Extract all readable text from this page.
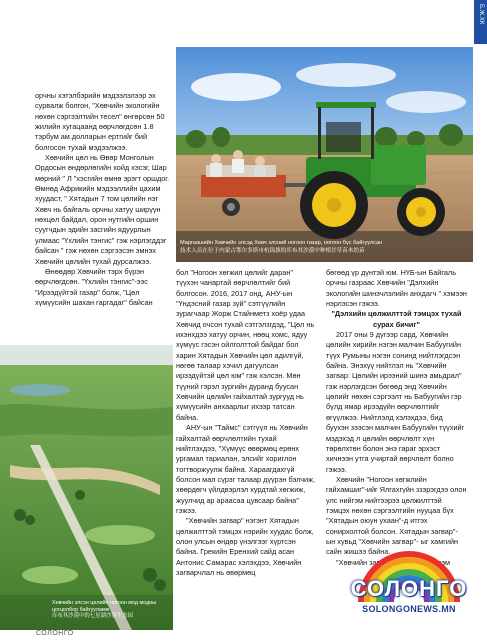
Б.Ж.ХК
Маргаашийн Хөвчийн элсэд Хөвч элсний ногоон газар, ногоон бүс байгуулсан
技术人员在位于内蒙古鄂尔多斯市杭锦旗的库布其沙漠中种植甘草苗木幼苗

орчны хэтэлбэрийн мэдээлэлээр эх сурвалж болгон, "Хөвчийн экологийн нөхөн сэргээлтийн тесел" өнгөрсөн 50 жилийн хугацаанд өөрчлөгдсөн 1.8 тэрбум ам.долларын ертгийг бий болгосон тухай мэдээлжээ.

Хөвчийн цөл нь Өвөр Монголын Ордосын өндөрлөгийн хойд хэсэг, Шар мөрний " Л "хэсгийн өмнө эрэгт оршдог. Өмнөд Африкийн мэдээллийн цахим хуудаст, " Хятадын 7 том цөлийн нэг Хөвч нь байгаль орчны хатуу ширүүн нөхцөл байдал, орон нутгийн оршин суугчдын эдийн засгийн ядуурлын улмаас "Үхлийн тэнгис" гэж нэрлэгддэг байсан " гэж нөхөн сэргээсэн эмнэх Хөвчийн цөлийн тухай дурсалжээ.

Өнөөдөр Хөвчийн тэрх бүрэн өөрчлөгдсөн. "Үхлийн тэнгис"-ээс "Ирээдүйтэй газар" болж, "Цөл хүмүүсийн шахан гаргадаг" байсан

Хөвчийн элсэн цөлийн ногоон мод модны цогцолбор байгууламж
库布其沙漠中的七星湖沙漠生态园

бол "Ногоон хөгжил цөлийг даран" түүхэн чанартай өөрчлөлтийг бий болгосон. 2016, 2017 онд, АНУ-ын "Үндэсний газар зүй" сэтгүүлийн зурагчаар Жорж Стайнметз хоёр удаа Хөвчид очсон тухай сэтгэлзгдэд, "Цөл нь ихэнхдээ хатуу орчин, нөөц хомс, ядуу хүмүүс гэсэн ойлголттой байдаг бол харин Хятадын Хөвчийн цөл адилгүй, нөгөө талаар хэчил дагуулсан ирээдүйтэй цөл юм" гэж хэлсэн. Мөн түүний гэрэл зургийн дуранд буусан Хөвчийн цөлийн гайхалтай зургууд нь хүмүүсийн анхаарлыг ихээр татсан байна.

АНУ-ын "Таймс" сэтгүүл нь Хөвчийн гайхалтай өөрчлөлтийн тухай нийтлэхдээ, "Хүмүүс өвөрмөц ерөнх ургамал тариалан, элсийг хориглон тогтворжуулж байна. Хараагдахгүй болсон мал сүрэг талаар дүүрэн бэлчиж, хөөрдөгч үйлдвэрлэл хурдтай хөгжиж, жуулчид ар араасаа цувсаар байна" гэжээ.

"Хөвчийн загвар" нэгэнт Хятадын цөлжилттэй тэмцэх нэрийн хуудас болж, олон улсын өндөр үнэлгээг хүртсэн байна. Грекийн Еренхий сайд асан Антонис Самарас хэлэхдээ, Хөвчийн загварчлал нь өвөрмөц

бөгөөд үр дүнтэй юм. НҮБ-ын Байгаль орчны газраас Хөвчийн "Дэлхийн экологийн шинэчлэлийн анхдагч " хэмээн нэрлэсэн гэжээ.

"Дэлхийн цөлжилттэй тэмцэх тухай сурах бичиг"

2017 оны 9 дүгээр сард, Хөвчийн цөлийн хирийн нэгэн малчин Бабуугийн түүх Румыны нэгэн сонинд нийтлэгдсэн байна. Энэхүү нийтлэл нь "Хөвчийн загвар: Цөлийн ирээний шинэ амьдрал" гэж нэрлэгдсэн бөгөөд энд Хөвчийн цөлийг нөхөн сэргээлт нь Бабуугийн гэр бүлд ямар ирээдүйн өөрчлөлтийг өгүүлжээ. Нийтлэлд хэлэхдээ, бид буухэн зээсэн малчин Бабуугийн түүхийг мэдэхэд л цөлийн өөрчлөлт хүн төрөлхтөн болон энэ гараг эрхэст хичнээн утга учиртай өөрчлөлт болно гэжээ.

Хөвчийн "Ногоон хөгжлийн гайхамшиг"-ийг Ялгахгүйн ззэрэгдээ олон улс нийгэм нийтээрээ цөлжилттэй тэмцэх нөхөн сэргээлтийн нууцаа бүх "Хятадын оюун ухаан"-д итгэх сонирхолтой болсон. Хятадын загвар"-ын хувьд "Хөвчийн загвар"- ыг хамгийн сайн жишээ байна.

"Хөвчийн загвар" цөлжилттэй тэм

СОЛОНГО
СОЛОНГО
SOLONGONEWS.MN
